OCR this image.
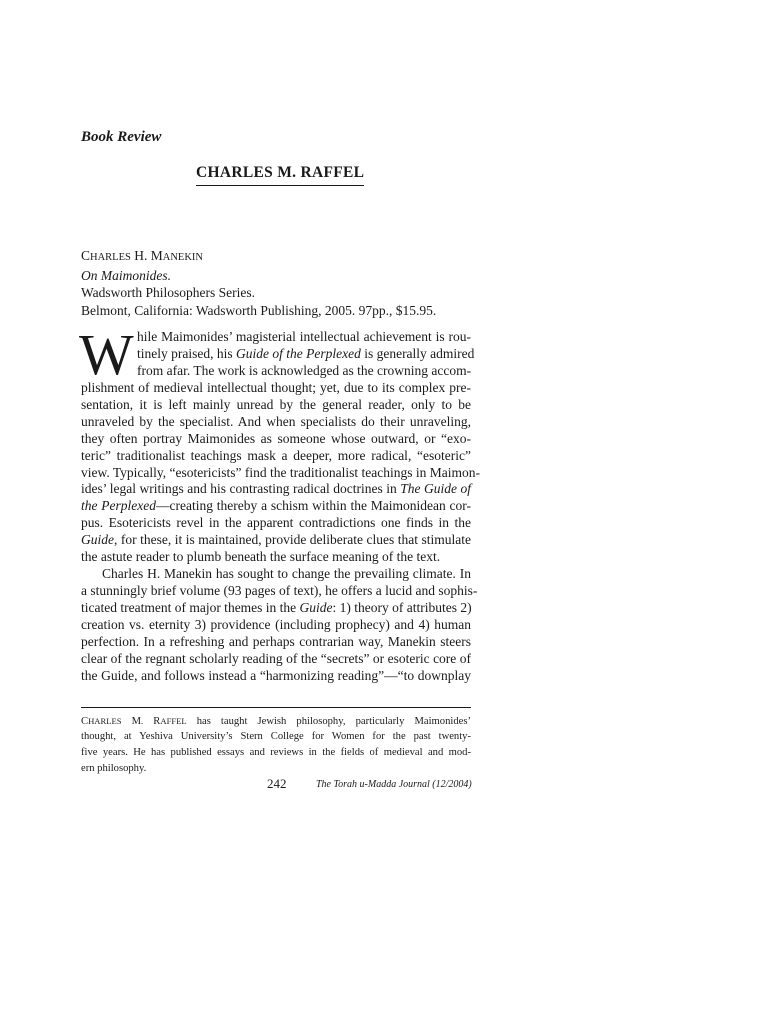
Book Review
CHARLES M. RAFFEL
CHARLES H. MANEKIN
On Maimonides.
Wadsworth Philosophers Series.
Belmont, California: Wadsworth Publishing, 2005. 97pp., $15.95.
W hile Maimonides’ magisterial intellectual achievement is rou-
tinely praised, his Guide of the Perplexed is generally admired
from afar. The work is acknowledged as the crowning accom-
plishment of medieval intellectual thought; yet, due to its complex pre-
sentation, it is left mainly unread by the general reader, only to be
unraveled by the specialist. And when specialists do their unraveling,
they often portray Maimonides as someone whose outward, or “exo-
teric” traditionalist teachings mask a deeper, more radical, “esoteric”
view. Typically, “esotericists” find the traditionalist teachings in Maimon-
ides’ legal writings and his contrasting radical doctrines in The Guide of
the Perplexed—creating thereby a schism within the Maimonidean cor-
pus. Esotericists revel in the apparent contradictions one finds in the
Guide, for these, it is maintained, provide deliberate clues that stimulate
the astute reader to plumb beneath the surface meaning of the text.
Charles H. Manekin has sought to change the prevailing climate. In
a stunningly brief volume (93 pages of text), he offers a lucid and sophis-
ticated treatment of major themes in the Guide: 1) theory of attributes 2)
creation vs. eternity 3) providence (including prophecy) and 4) human
perfection. In a refreshing and perhaps contrarian way, Manekin steers
clear of the regnant scholarly reading of the “secrets” or esoteric core of
the Guide, and follows instead a “harmonizing reading”—“to downplay
CHARLES M. RAFFEL has taught Jewish philosophy, particularly Maimonides’
thought, at Yeshiva University’s Stern College for Women for the past twenty-
five years. He has published essays and reviews in the fields of medieval and mod-
ern philosophy.
242	The Torah u-Madda Journal (12/2004)
